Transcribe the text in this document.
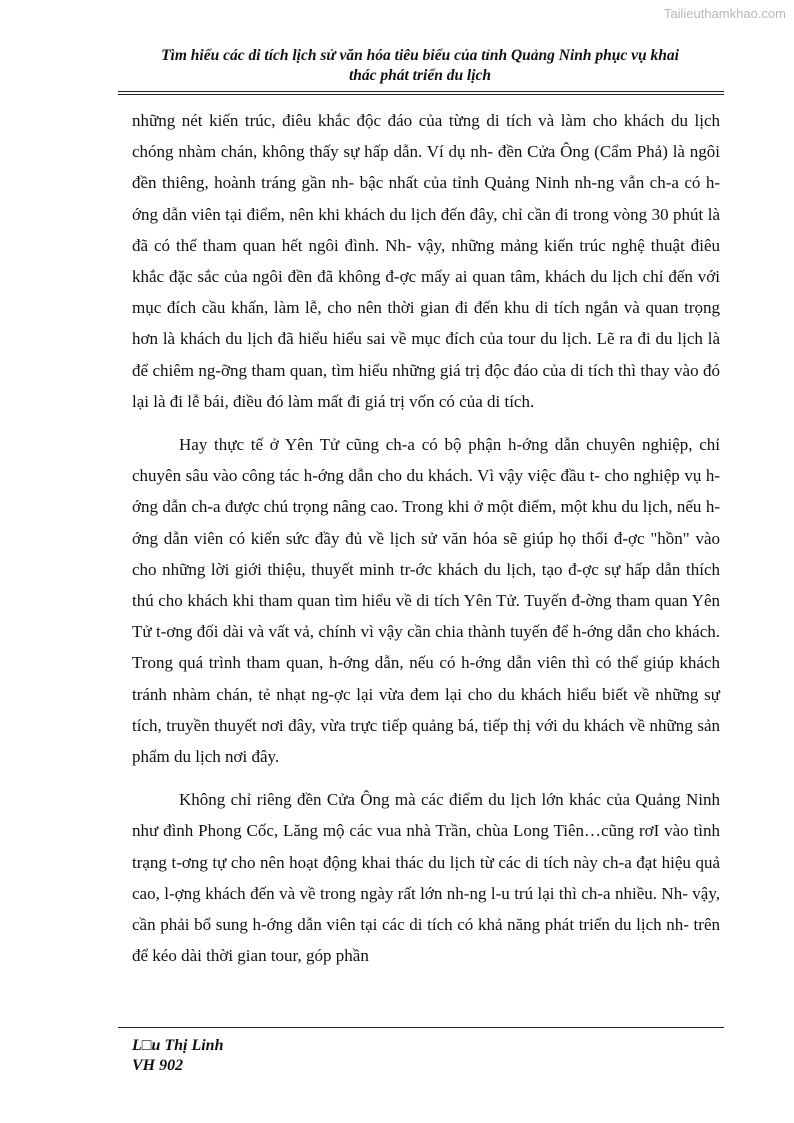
Tailieuthamkhao.com
Tìm hiểu các di tích lịch sử văn hóa tiêu biểu của tỉnh Quảng Ninh phục vụ khai
thác phát triển du lịch

những nét kiến trúc, điêu khắc độc đáo của từng di tích và làm cho khách du lịch chóng nhàm chán, không thấy sự hấp dẫn. Ví dụ nh- đền Cửa Ông (Cẩm Phả) là ngôi đền thiêng, hoành tráng gần nh- bậc nhất của tỉnh Quảng Ninh nh-ng vẫn ch-a có h-ớng dẫn viên tại điểm, nên khi khách du lịch đến đây, chỉ cần đi trong vòng 30 phút là đã có thể tham quan hết ngôi đình. Nh- vậy, những mảng kiến trúc nghệ thuật điêu khắc đặc sắc của ngôi đền đã không đ-ợc mấy ai quan tâm, khách du lịch chỉ đến với mục đích cầu khấn, làm lễ, cho nên thời gian đi đến khu di tích ngắn và quan trọng hơn là khách du lịch đã hiểu hiểu sai về mục đích của tour du lịch. Lẽ ra đi du lịch là để chiêm ng-ỡng tham quan, tìm hiểu những giá trị độc đáo của di tích thì thay vào đó lại là đi lễ bái, điều đó làm mất đi giá trị vốn có của di tích.

Hay thực tế ở Yên Tử cũng ch-a có bộ phận h-ớng dẫn chuyên nghiệp, chỉ chuyên sâu vào công tác h-ớng dẫn cho du khách. Vì vậy việc đầu t- cho nghiệp vụ h-ớng dẫn ch-a được chú trọng nâng cao. Trong khi ở một điểm, một khu du lịch, nếu h-ớng dẫn viên có kiến sức đầy đủ về lịch sử văn hóa sẽ giúp họ thổi đ-ợc "hồn" vào cho những lời giới thiệu, thuyết minh tr-ớc khách du lịch, tạo đ-ợc sự hấp dẫn thích thú cho khách khi tham quan tìm hiểu về di tích Yên Tử. Tuyến đ-ờng tham quan Yên Tử t-ơng đối dài và vất vả, chính vì vậy cần chia thành tuyến để h-ớng dẫn cho khách. Trong quá trình tham quan, h-ớng dẫn, nếu có h-ớng dẫn viên thì có thể giúp khách tránh nhàm chán, tẻ nhạt ng-ợc lại vừa đem lại cho du khách hiểu biết về những sự tích, truyền thuyết nơi đây, vừa trực tiếp quảng bá, tiếp thị với du khách về những sản phẩm du lịch nơi đây.

Không chỉ riêng đền Cửa Ông mà các điểm du lịch lớn khác của Quảng Ninh như đình Phong Cốc, Lăng mộ các vua nhà Trần, chùa Long Tiên…cũng rơI vào tình trạng t-ơng tự cho nên hoạt động khai thác du lịch từ các di tích này ch-a đạt hiệu quả cao, l-ợng khách đến và về trong ngày rất lớn nh-ng l-u trú lại thì ch-a nhiều. Nh- vậy, cần phải bổ sung h-ớng dẫn viên tại các di tích có khả năng phát triển du lịch nh- trên để kéo dài thời gian tour, góp phần

L□u Thị Linh
VH 902
